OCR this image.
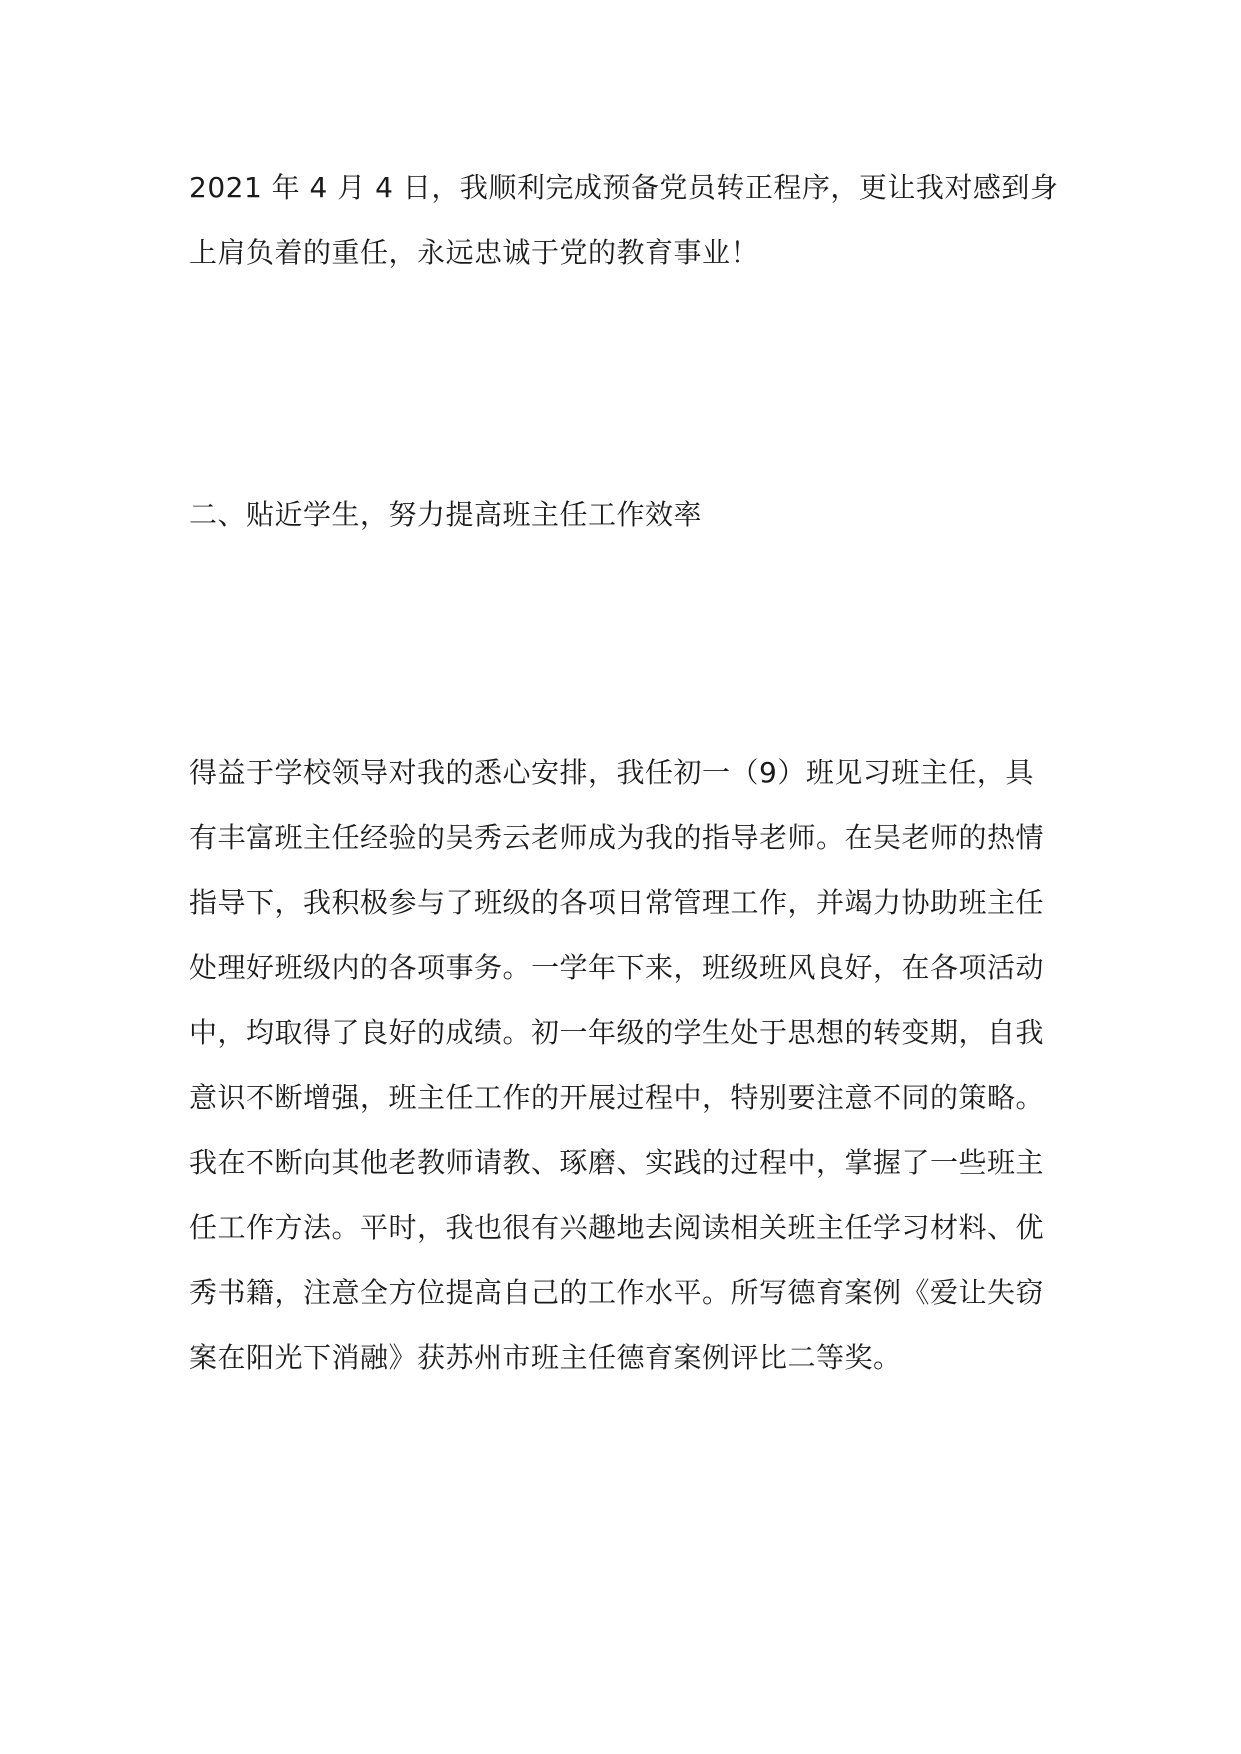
2021 年 4 月 4 日，我顺利完成预备党员转正程序，更让我对感到身
上肩负着的重任，永远忠诚于党的教育事业！

二、贴近学生，努力提高班主任工作效率

得益于学校领导对我的悉心安排，我任初一（9）班见习班主任，具
有丰富班主任经验的吴秀云老师成为我的指导老师。在吴老师的热情
指导下，我积极参与了班级的各项日常管理工作，并竭力协助班主任
处理好班级内的各项事务。一学年下来，班级班风良好，在各项活动
中，均取得了良好的成绩。初一年级的学生处于思想的转变期，自我
意识不断增强，班主任工作的开展过程中，特别要注意不同的策略。
我在不断向其他老教师请教、琢磨、实践的过程中，掌握了一些班主
任工作方法。平时，我也很有兴趣地去阅读相关班主任学习材料、优
秀书籍，注意全方位提高自己的工作水平。所写德育案例《爱让失窃
案在阳光下消融》获苏州市班主任德育案例评比二等奖。
